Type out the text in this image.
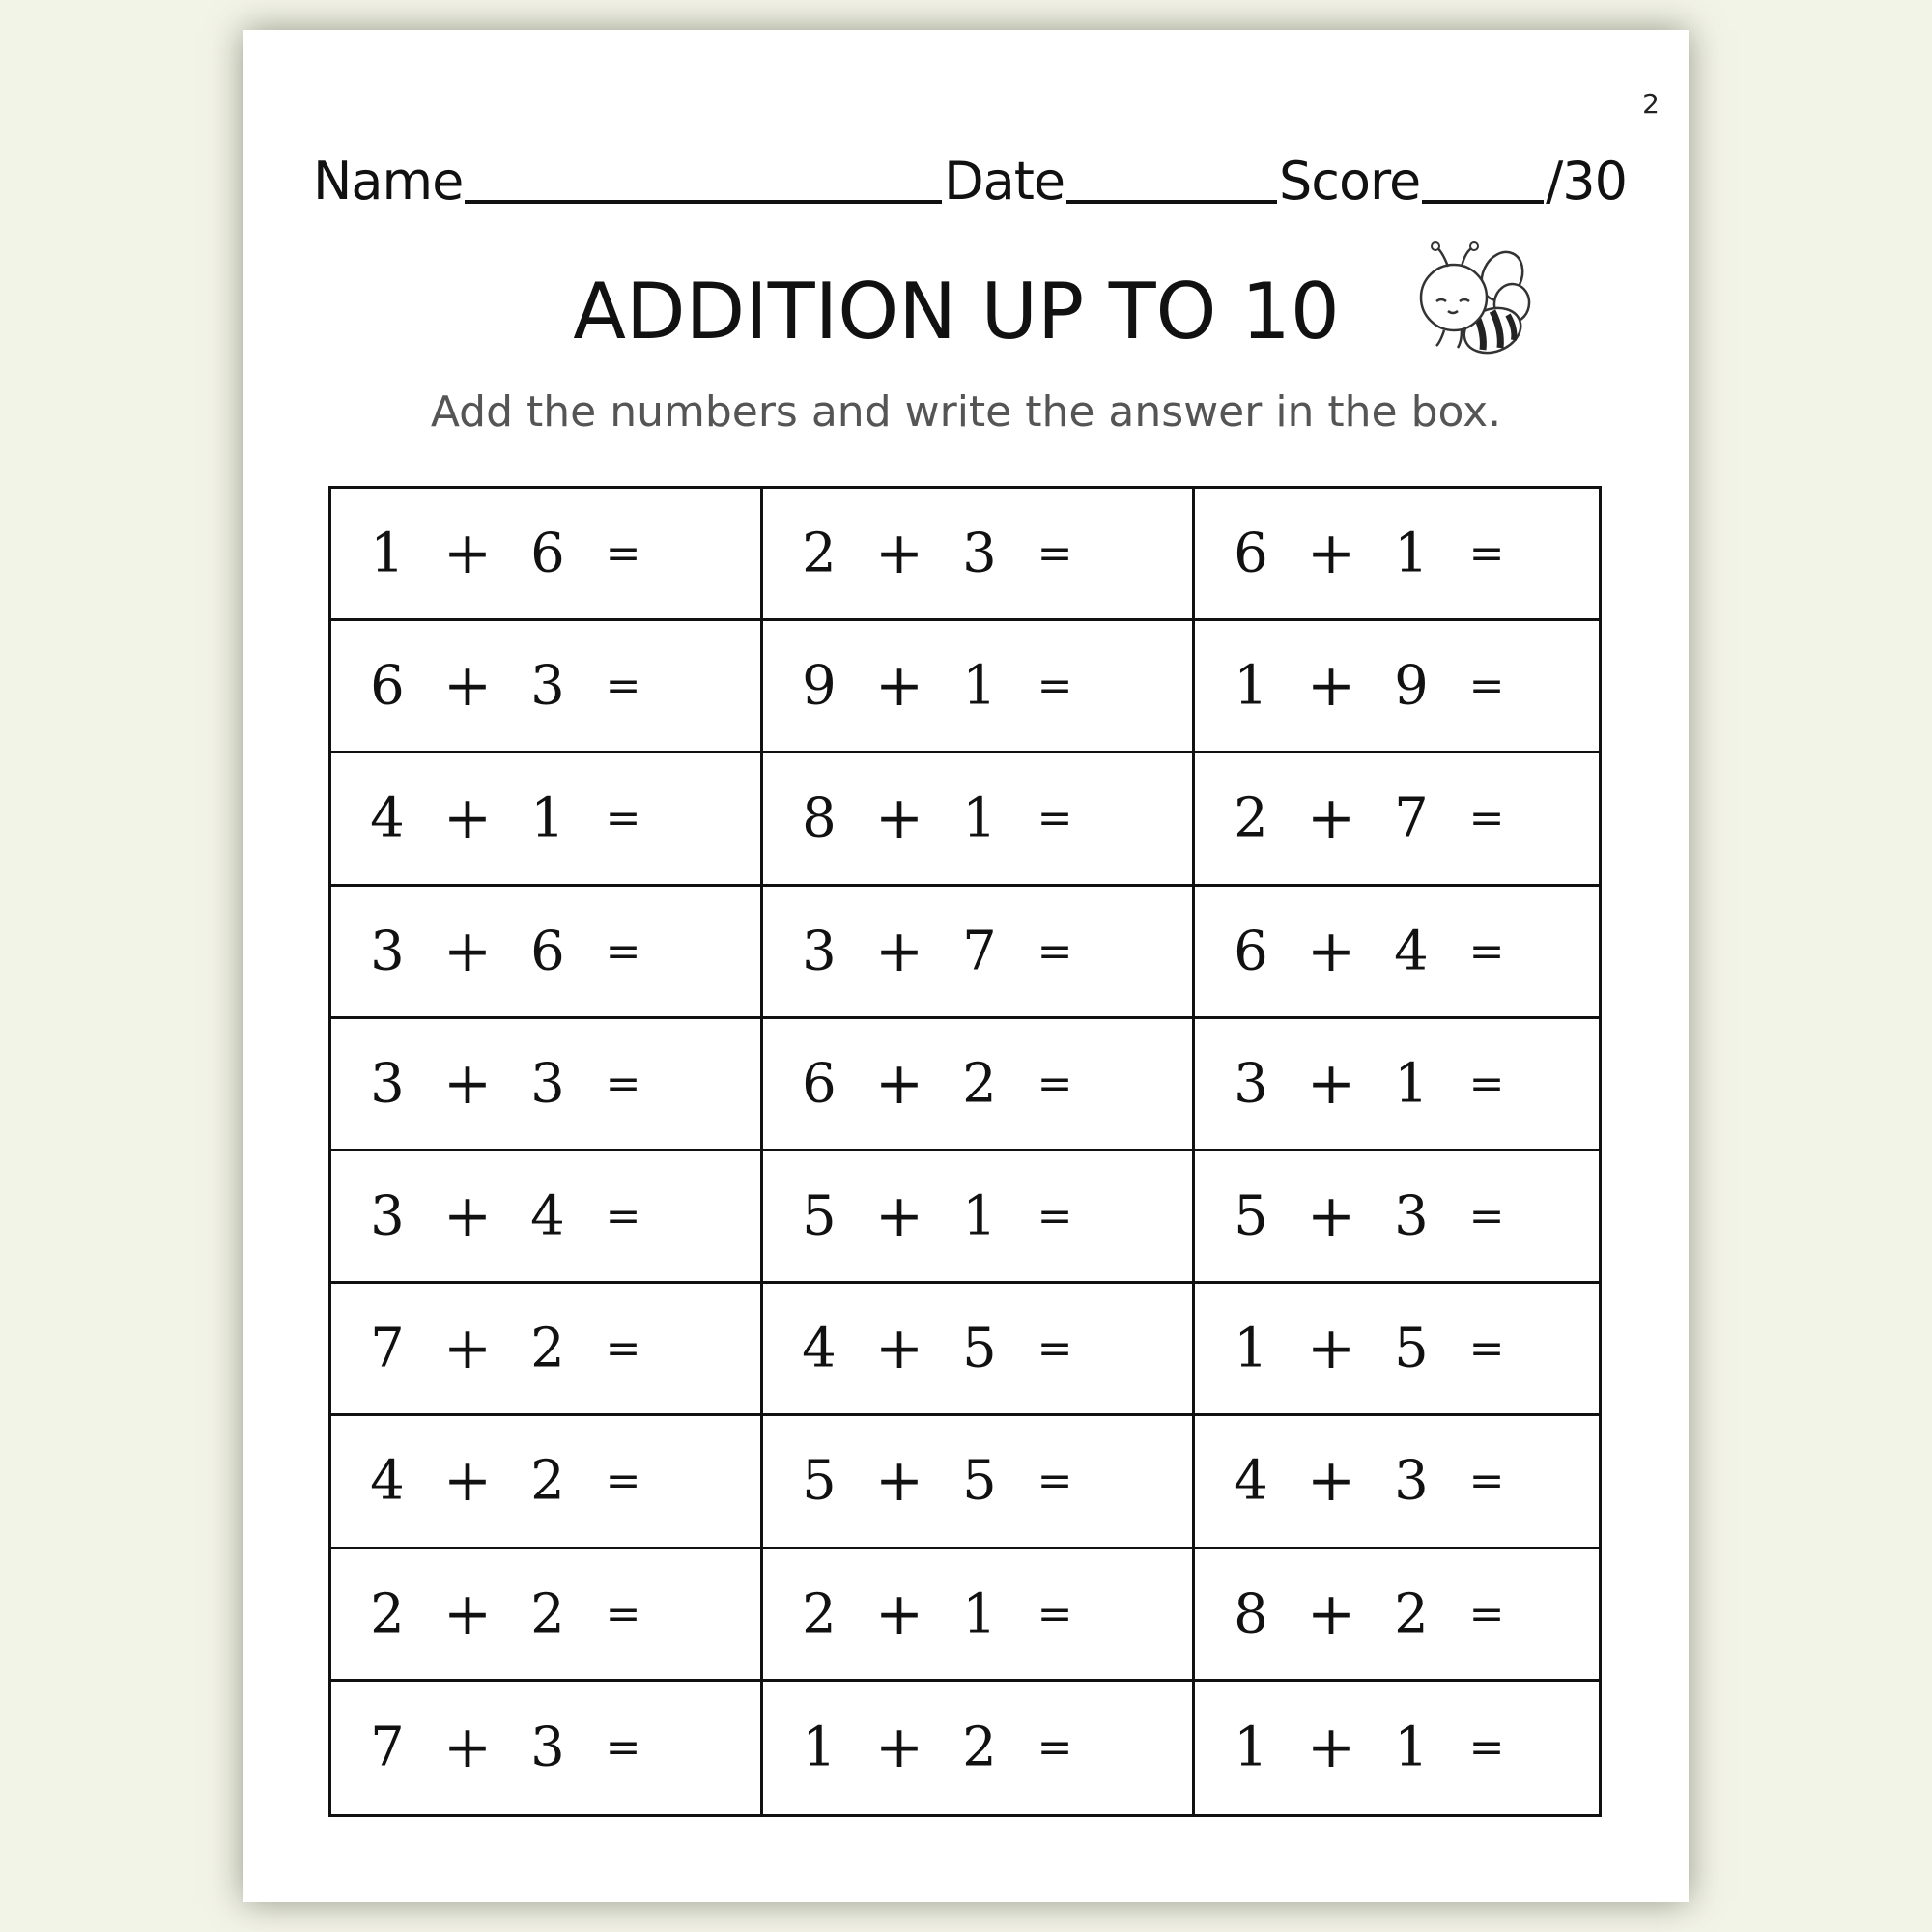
2
Name	Date	Score /30
ADDITION UP TO 10
Add the numbers and write the answer in the box.
1 + 6 =	2 + 3 =	6 + 1 =
6 + 3 =	9 + 1 =	1 + 9 =
4 + 1 =	8 + 1 =	2 + 7 =
3 + 6 =	3 + 7 =	6 + 4 =
3 + 3 =	6 + 2 =	3 + 1 =
3 + 4 =	5 + 1 =	5 + 3 =
7 + 2 =	4 + 5 =	1 + 5 =
4 + 2 =	5 + 5 =	4 + 3 =
2 + 2 =	2 + 1 =	8 + 2 =
7 + 3 =	1 + 2 =	1 + 1 =
